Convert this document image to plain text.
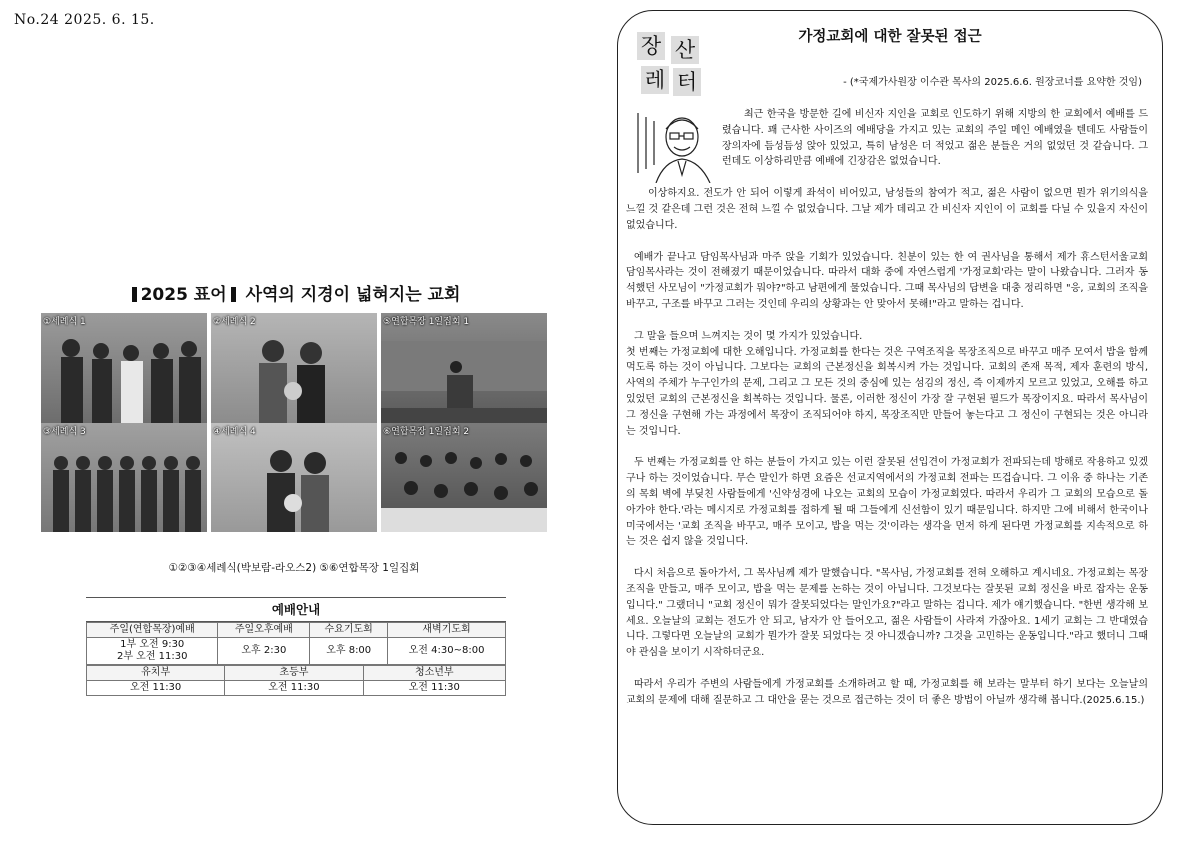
No.24 2025. 6. 15.
2025 표어 사역의 지경이 넓혀지는 교회
①세례식 1	②세례식 2	⑤연합목장 1일집회 1
③세례식 3	④세례식 4	⑥연합목장 1일집회 2
①②③④세례식(박보람-라오스2) ⑤⑥연합목장 1일집회
예배안내
주일(연합목장)예배	주일오후예배	수요기도회	새벽기도회
1부 오전 9:30
2부 오전 11:30	오후 2:30	오후 8:00	오전 4:30~8:00
유치부	초등부	청소년부
오전 11:30	오전 11:30	오전 11:30
가정교회에 대한 잘못된 접근
장 산
레 터	- (*국제가사원장 이수관 목사의 2025.6.6. 원장코너를 요약한 것임)

최근 한국을 방문한 길에 비신자 지인을 교회로 인도하기 위해 지방의 한 교회에서 예배를 드렸습니다. 꽤 근사한 사이즈의 예배당을 가지고 있는 교회의 주일 메인 예배였을 텐데도 사람들이 장의자에 듬성듬성 앉아 있었고, 특히 남성은 더 적었고 젊은 분들은 거의 없었던 것 같습니다. 그런데도 이상하리만큼 예배에 긴장감은 없었습니다.

이상하지요. 전도가 안 되어 이렇게 좌석이 비어있고, 남성들의 참여가 적고, 젊은 사람이 없으면 뭔가 위기의식을 느낄 것 같은데 그런 것은 전혀 느낄 수 없었습니다. 그날 제가 데리고 간 비신자 지인이 이 교회를 다닐 수 있을지 자신이 없었습니다.

예배가 끝나고 담임목사님과 마주 앉을 기회가 있었습니다. 친분이 있는 한 여 권사님을 통해서 제가 휴스턴서울교회 담임목사라는 것이 전해졌기 때문이었습니다. 따라서 대화 중에 자연스럽게 '가정교회'라는 말이 나왔습니다. 그러자 동석했던 사모님이 "가정교회가 뭐야?"하고 남편에게 물었습니다. 그때 목사님의 답변을 대충 정리하면 "응, 교회의 조직을 바꾸고, 구조를 바꾸고 그러는 것인데 우리의 상황과는 안 맞아서 못해!"라고 말하는 겁니다.

그 말을 들으며 느껴지는 것이 몇 가지가 있었습니다.
첫 번째는 가정교회에 대한 오해입니다. 가정교회를 한다는 것은 구역조직을 목장조직으로 바꾸고 매주 모여서 밥을 함께 먹도록 하는 것이 아닙니다. 그보다는 교회의 근본정신을 회복시켜 가는 것입니다. 교회의 존재 목적, 제자 훈련의 방식, 사역의 주체가 누구인가의 문제, 그리고 그 모든 것의 중심에 있는 섬김의 정신, 즉 이제까지 모르고 있었고, 오해를 하고 있었던 교회의 근본정신을 회복하는 것입니다. 물론, 이러한 정신이 가장 잘 구현된 필드가 목장이지요. 따라서 목사님이 그 정신을 구현해 가는 과정에서 목장이 조직되어야 하지, 목장조직만 만들어 놓는다고 그 정신이 구현되는 것은 아니라는 것입니다.

두 번째는 가정교회를 안 하는 분들이 가지고 있는 이런 잘못된 선입견이 가정교회가 전파되는데 방해로 작용하고 있겠구나 하는 것이었습니다. 무슨 말인가 하면 요즘은 선교지역에서의 가정교회 전파는 뜨겁습니다. 그 이유 중 하나는 기존의 목회 벽에 부딪친 사람들에게 '신약성경에 나오는 교회의 모습이 가정교회였다. 따라서 우리가 그 교회의 모습으로 돌아가야 한다.'라는 메시지로 가정교회를 접하게 될 때 그들에게 신선함이 있기 때문입니다. 하지만 그에 비해서 한국이나 미국에서는 '교회 조직을 바꾸고, 매주 모이고, 밥을 먹는 것'이라는 생각을 먼저 하게 된다면 가정교회를 지속적으로 하는 것은 쉽지 않을 것입니다.

다시 처음으로 돌아가서, 그 목사님께 제가 말했습니다. "목사님, 가정교회를 전혀 오해하고 계시네요. 가정교회는 목장조직을 만들고, 매주 모이고, 밥을 먹는 문제를 논하는 것이 아닙니다. 그것보다는 잘못된 교회 정신을 바로 잡자는 운동입니다." 그랬더니 "교회 정신이 뭐가 잘못되었다는 말인가요?"라고 말하는 겁니다. 제가 얘기했습니다. "한번 생각해 보세요. 오늘날의 교회는 전도가 안 되고, 남자가 안 들어오고, 젊은 사람들이 사라져 가잖아요. 1세기 교회는 그 반대였습니다. 그렇다면 오늘날의 교회가 뭔가가 잘못 되었다는 것 아니겠습니까? 그것을 고민하는 운동입니다."라고 했더니 그때야 관심을 보이기 시작하더군요.

따라서 우리가 주변의 사람들에게 가정교회를 소개하려고 할 때, 가정교회를 해 보라는 말부터 하기 보다는 오늘날의 교회의 문제에 대해 질문하고 그 대안을 묻는 것으로 접근하는 것이 더 좋은 방법이 아닐까 생각해 봅니다.(2025.6.15.)
